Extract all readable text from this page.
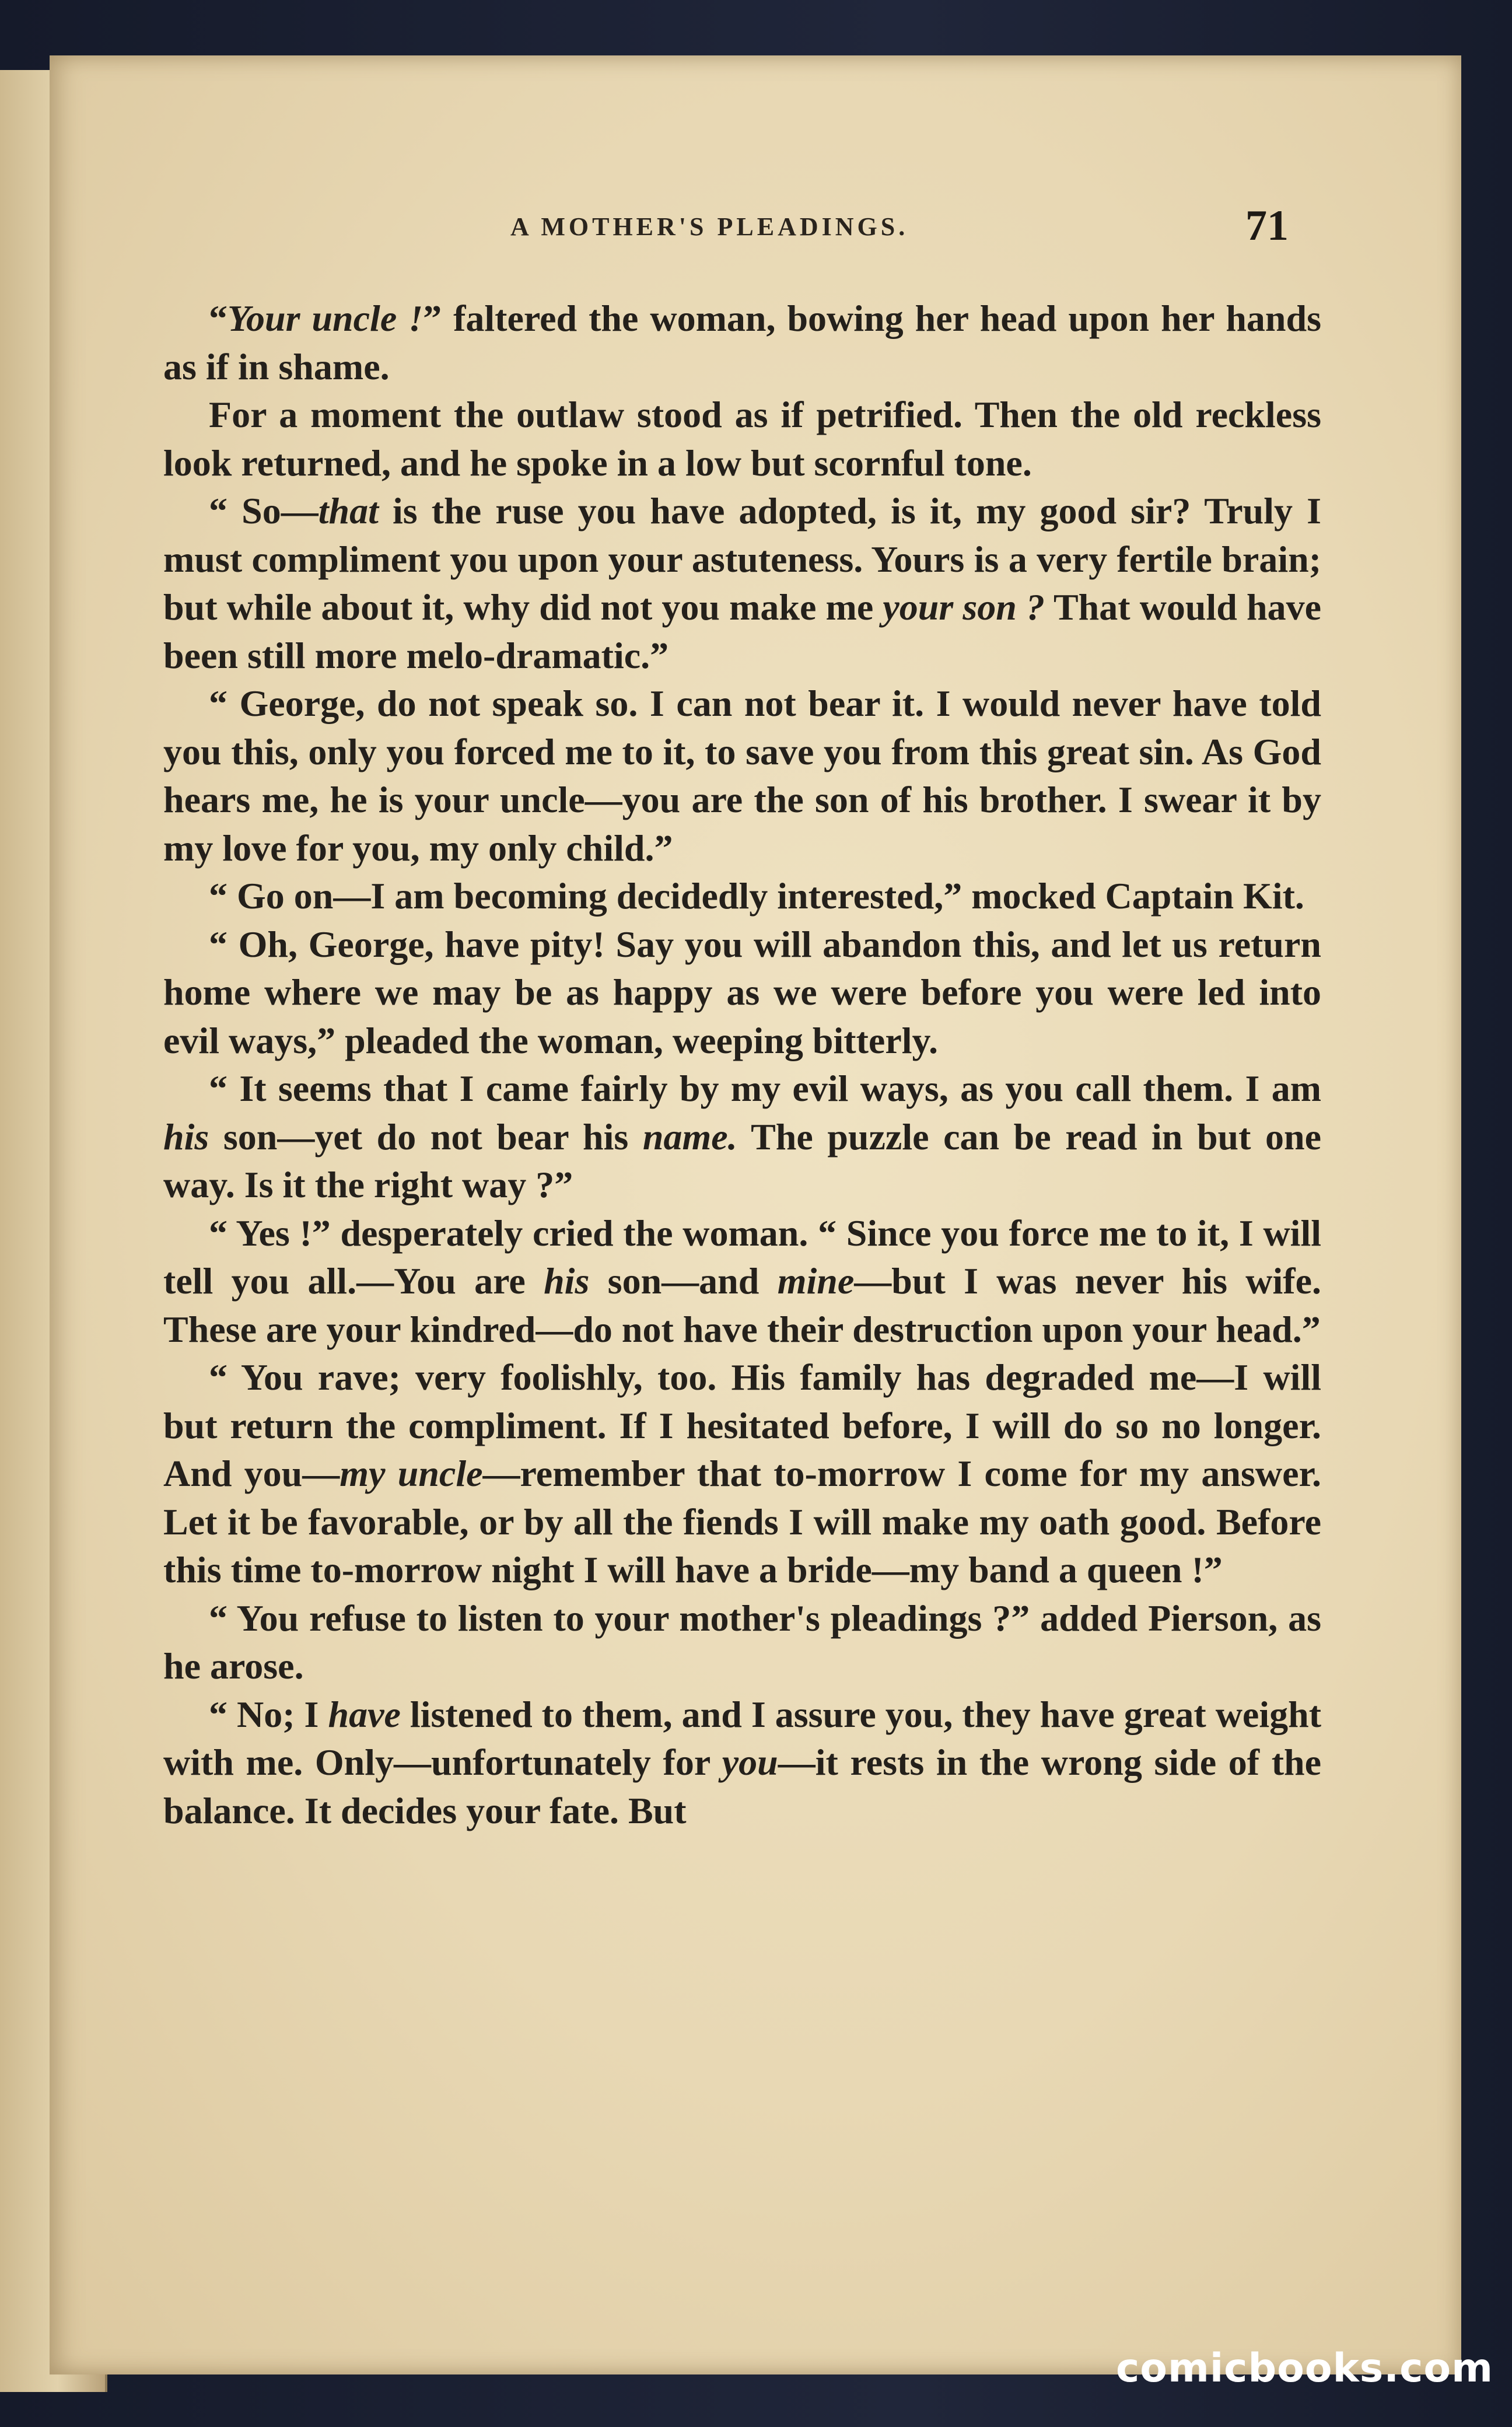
A MOTHER'S PLEADINGS.	71

“Your uncle !” faltered the woman, bowing her head upon her hands as if in shame.

For a moment the outlaw stood as if petrified. Then the old reckless look returned, and he spoke in a low but scornful tone.

“ So—that is the ruse you have adopted, is it, my good sir? Truly I must compliment you upon your astuteness. Yours is a very fertile brain; but while about it, why did not you make me your son ? That would have been still more melo-dramatic.”

“ George, do not speak so. I can not bear it. I would never have told you this, only you forced me to it, to save you from this great sin. As God hears me, he is your uncle—you are the son of his brother. I swear it by my love for you, my only child.”

“ Go on—I am becoming decidedly interested,” mocked Captain Kit.

“ Oh, George, have pity! Say you will abandon this, and let us return home where we may be as happy as we were before you were led into evil ways,” pleaded the woman, weeping bitterly.

“ It seems that I came fairly by my evil ways, as you call them. I am his son—yet do not bear his name. The puzzle can be read in but one way. Is it the right way ?”

“ Yes !” desperately cried the woman. “ Since you force me to it, I will tell you all.—You are his son—and mine—but I was never his wife. These are your kindred—do not have their destruction upon your head.”

“ You rave; very foolishly, too. His family has degraded me—I will but return the compliment. If I hesitated before, I will do so no longer. And you—my uncle—remember that to-morrow I come for my answer. Let it be favorable, or by all the fiends I will make my oath good. Before this time to-morrow night I will have a bride—my band a queen !”

“ You refuse to listen to your mother's pleadings ?” added Pierson, as he arose.

“ No; I have listened to them, and I assure you, they have great weight with me. Only—unfortunately for you—it rests in the wrong side of the balance. It decides your fate. But

comicbooks.com
